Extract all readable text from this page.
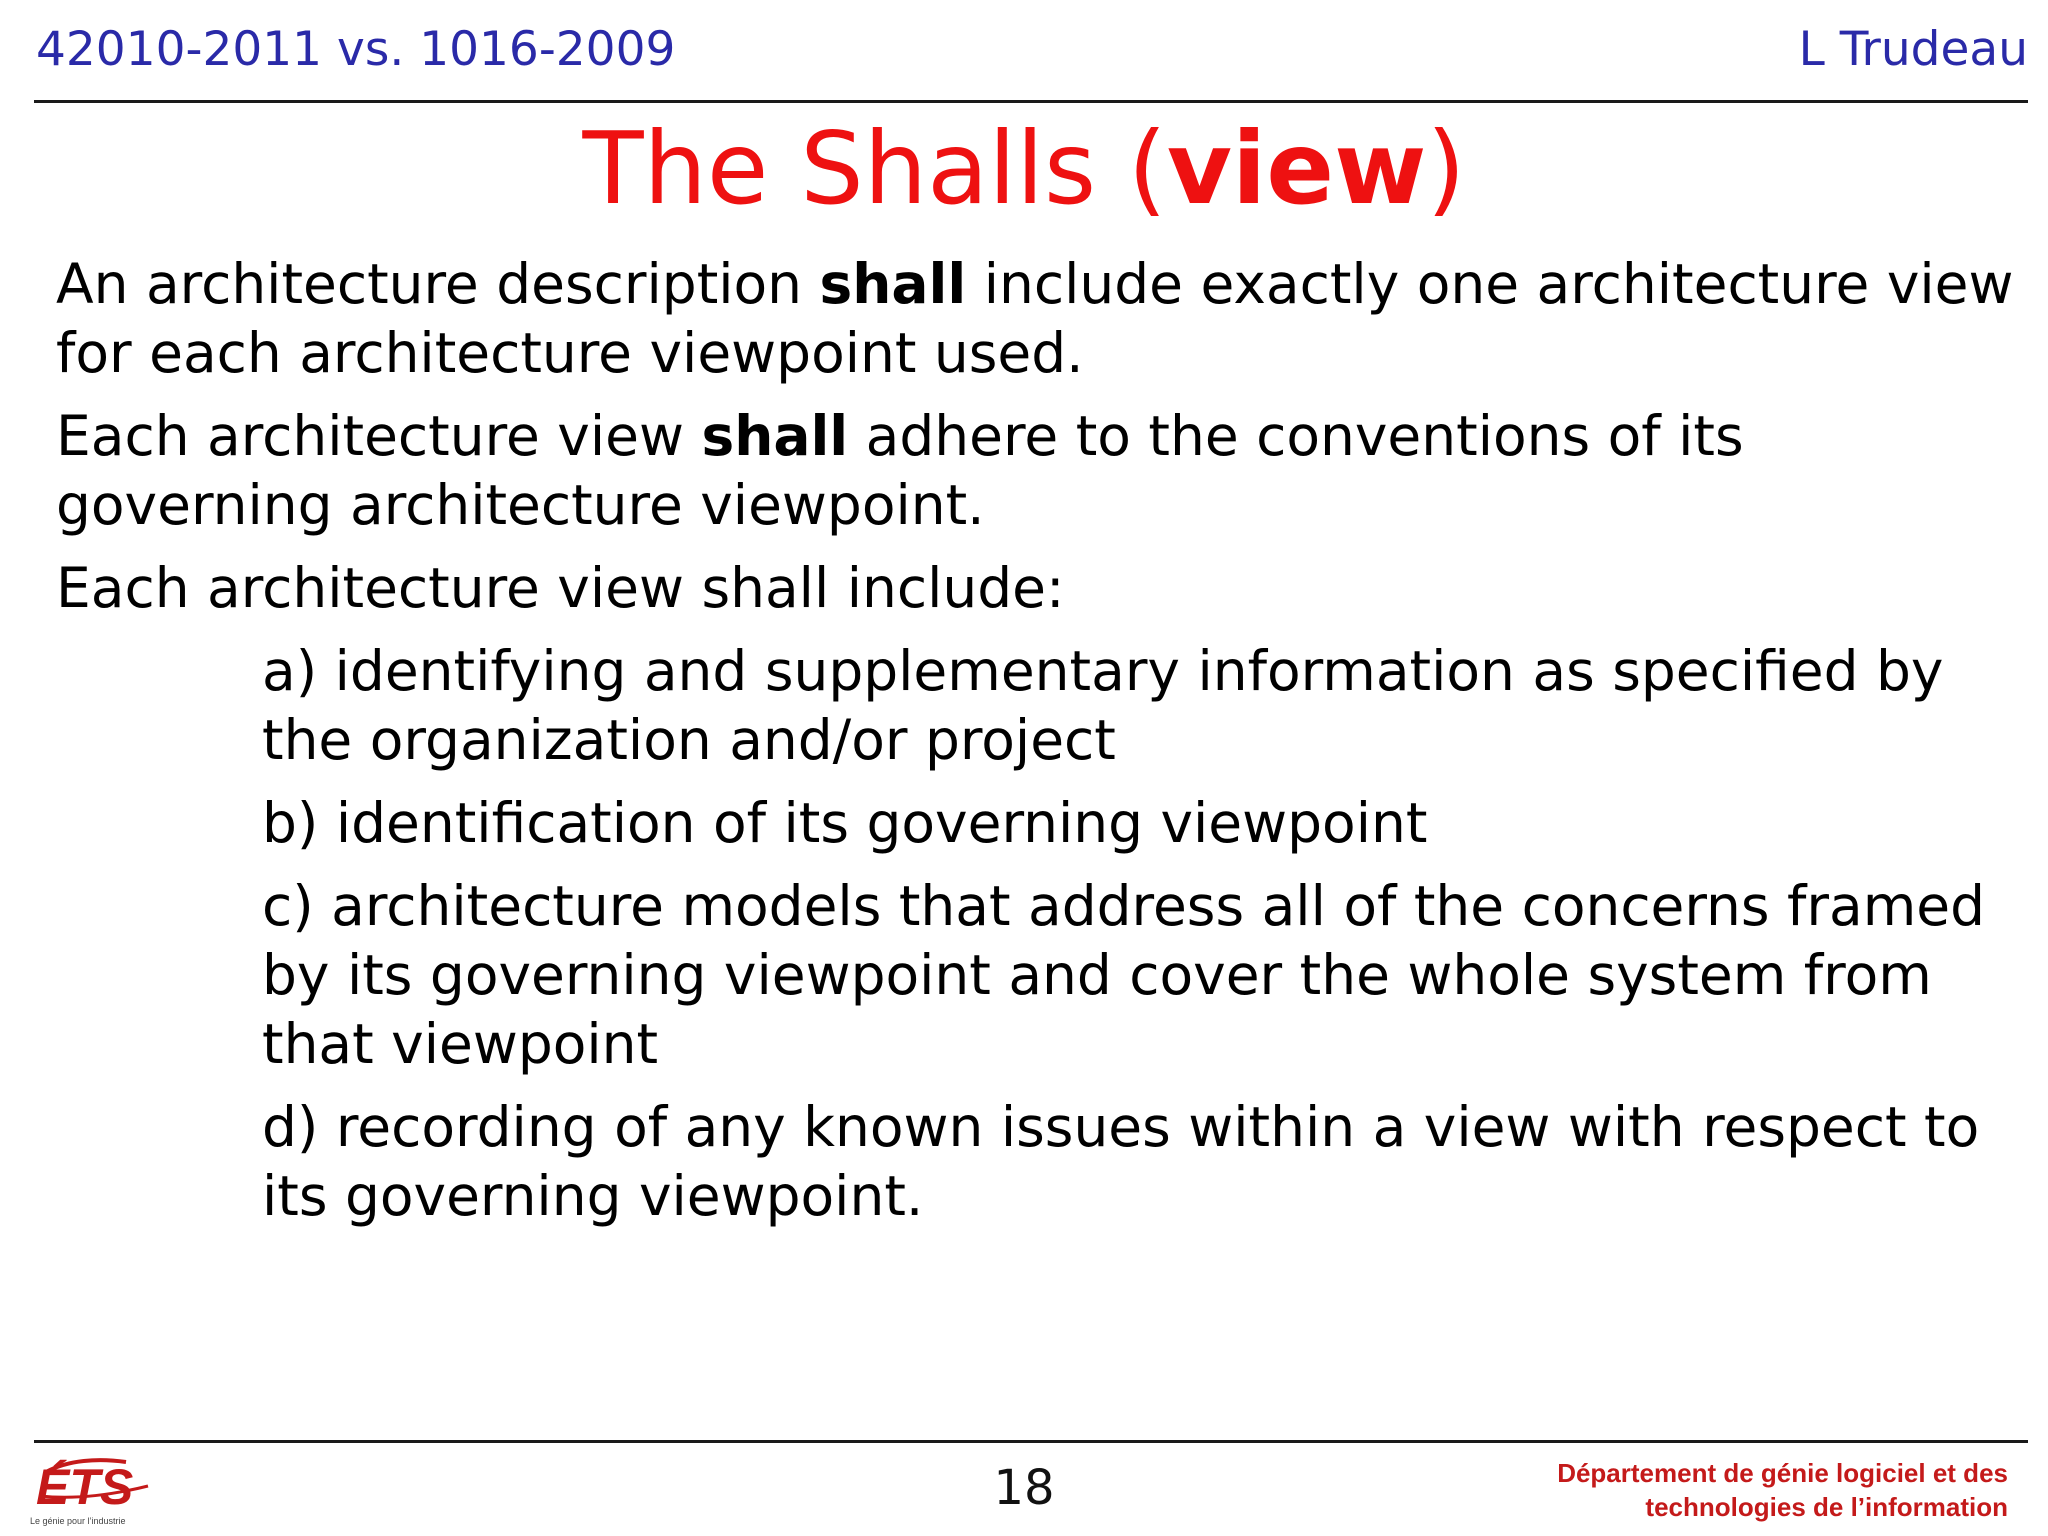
42010-2011 vs. 1016-2009	L Trudeau
The Shalls (view)

An architecture description shall include exactly one architecture view for each architecture viewpoint used.

Each architecture view shall adhere to the conventions of its governing architecture viewpoint.

Each architecture view shall include:

a) identifying and supplementary information as specified by the organization and/or project

b) identification of its governing viewpoint

c) architecture models that address all of the concerns framed by its governing viewpoint and cover the whole system from that viewpoint

d) recording of any known issues within a view with respect to its governing viewpoint.

ÉTS
Le génie pour l’industrie
18	Département de génie logiciel et des
technologies de l’information
